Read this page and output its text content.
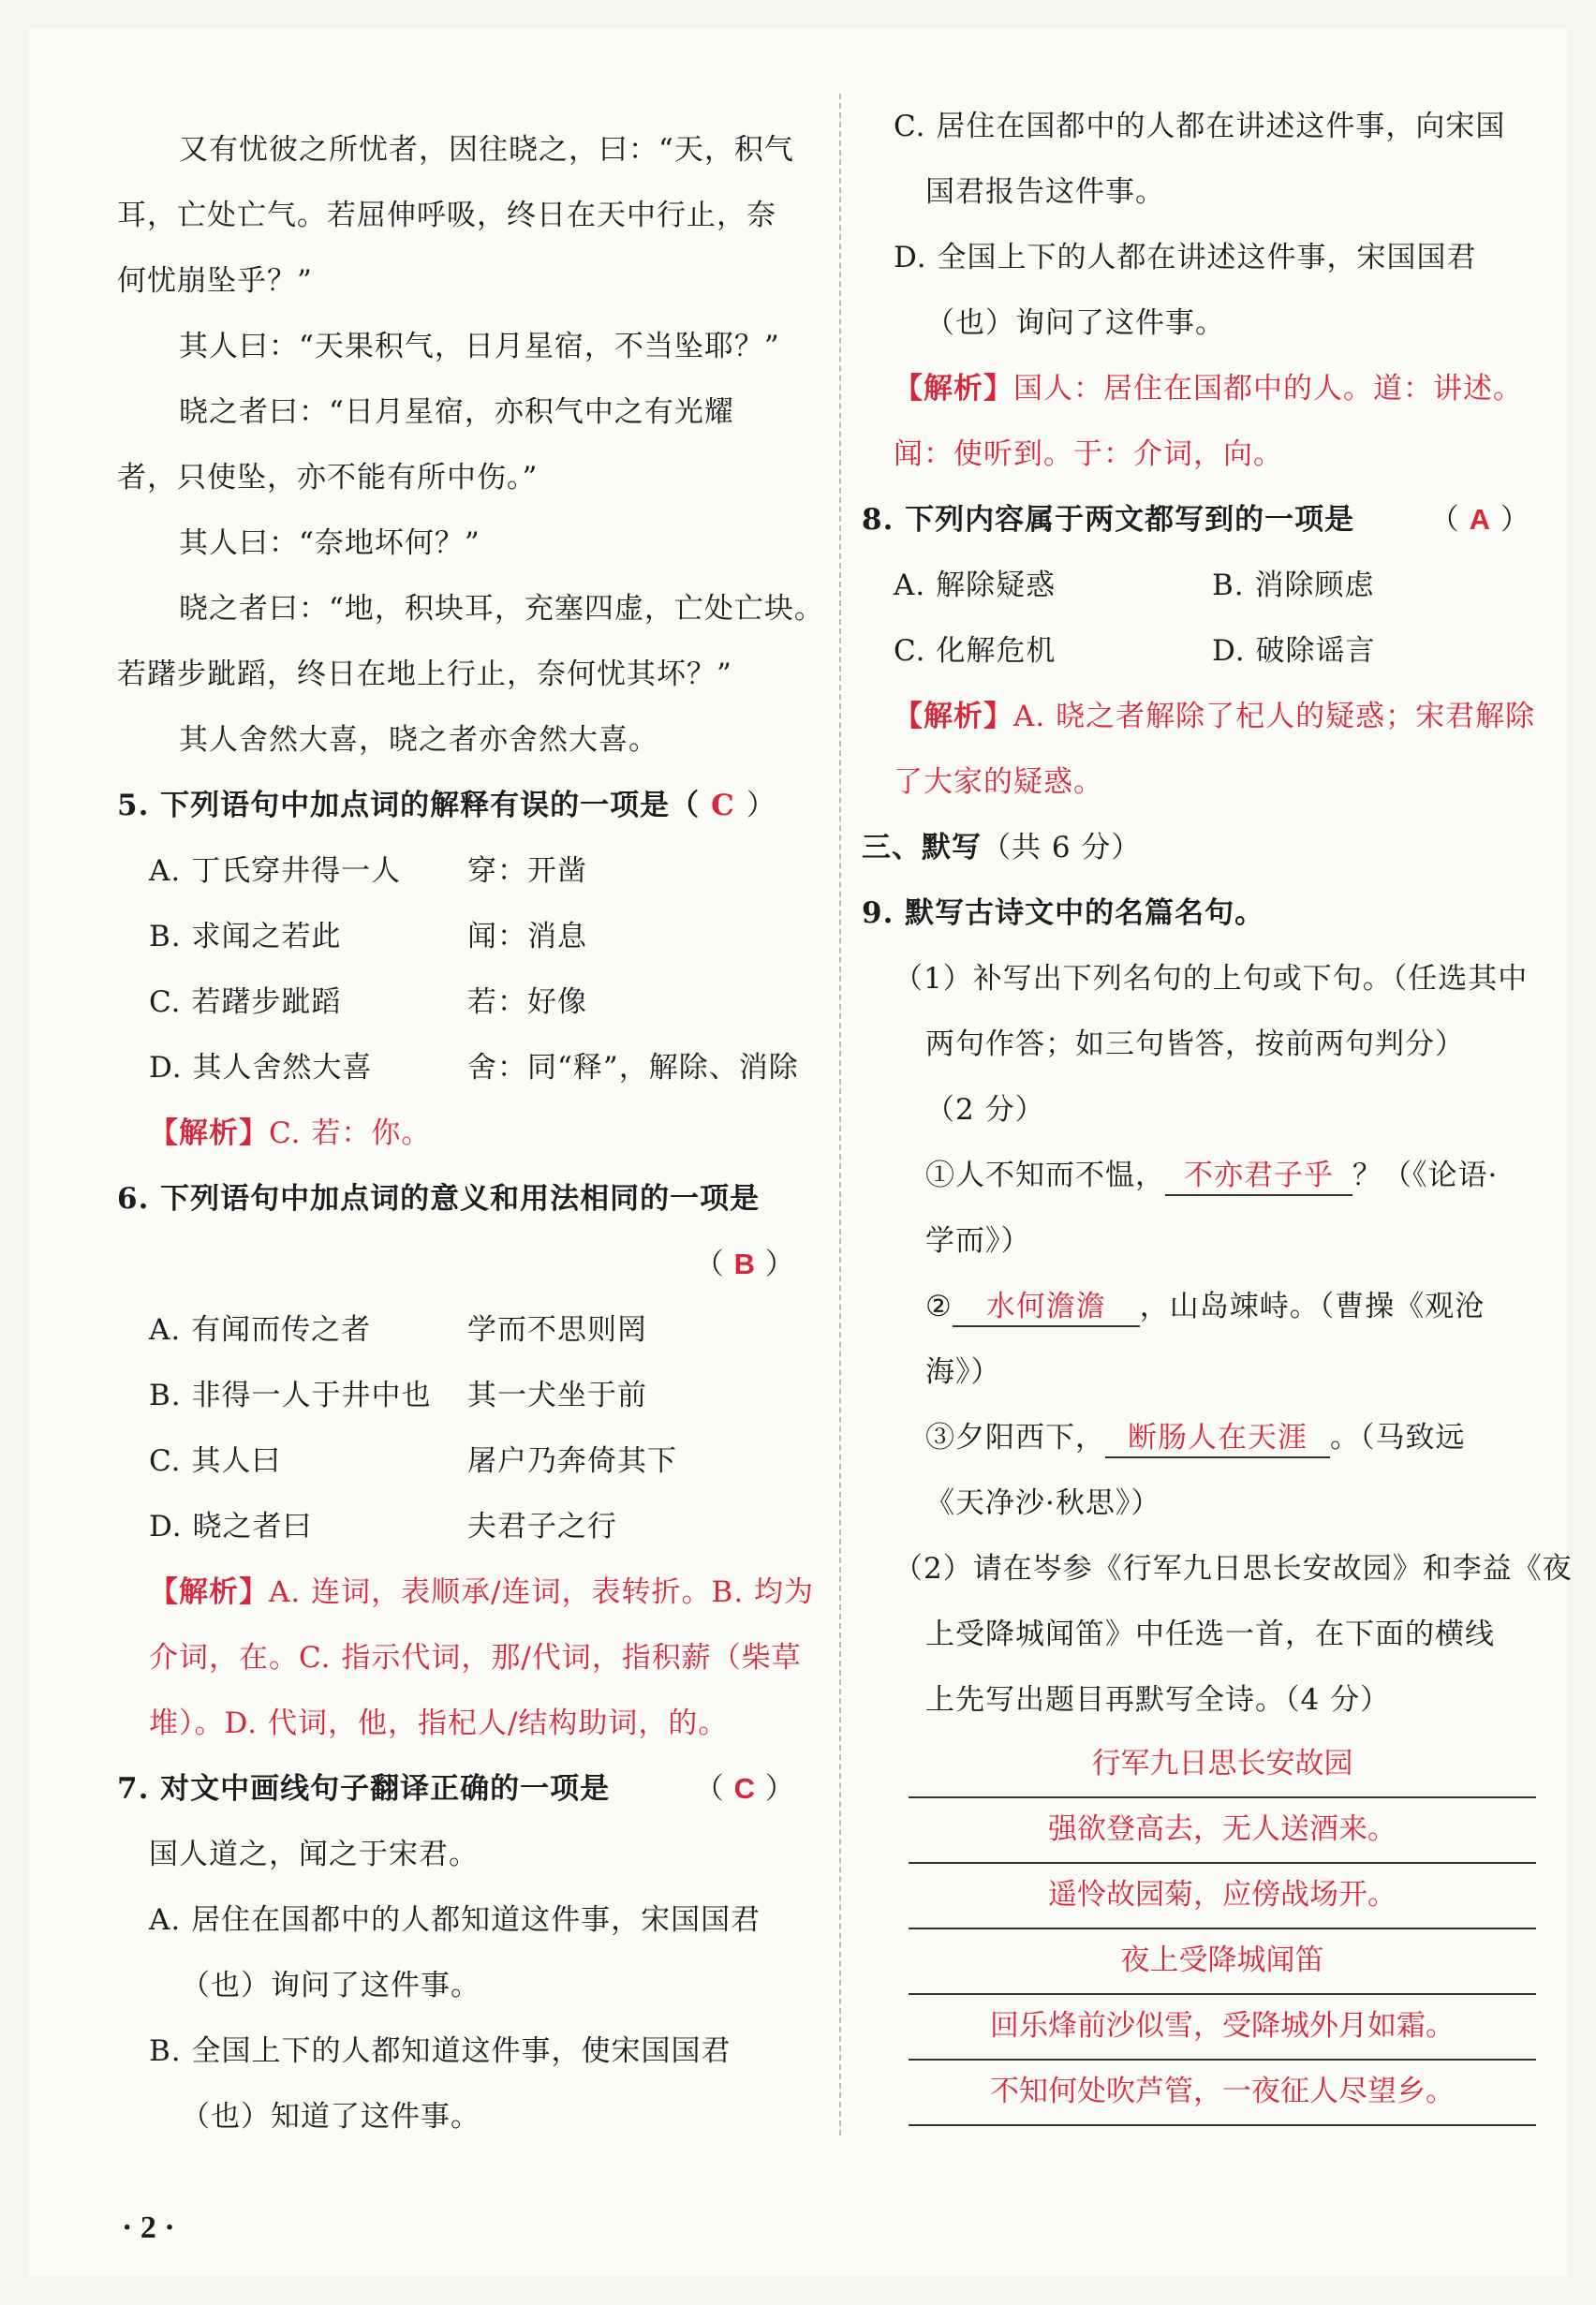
又有忧彼之所忧者，因往晓之，曰：“天，积气
耳，亡处亡气。若屈伸呼吸，终日在天中行止，奈
何忧崩坠乎？”
其人曰：“天果积气，日月星宿，不当坠耶？”
晓之者曰：“日月星宿，亦积气中之有光耀
者，只使坠，亦不能有所中伤。”
其人曰：“奈地坏何？”
晓之者曰：“地，积块耳，充塞四虚，亡处亡块。
若躇步跐蹈，终日在地上行止，奈何忧其坏？”
其人舍然大喜，晓之者亦舍然大喜。
5. 下列语句中加点词的解释有误的一项是（ C ）
A. 丁氏穿井得一人 穿：开凿
B. 求闻之若此	闻：消息
C. 若躇步跐蹈	若：好像
D. 其人舍然大喜	舍：同“释”，解除、消除
【解析】C. 若：你。
6. 下列语句中加点词的意义和用法相同的一项是
（ B ）
A. 有闻而传之者	学而不思则罔
B. 非得一人于井中也 其一犬坐于前
C. 其人曰	屠户乃奔倚其下
D. 晓之者曰	夫君子之行
【解析】A. 连词，表顺承/连词，表转折。B. 均为
介词，在。C. 指示代词，那/代词，指积薪（柴草
堆）。D. 代词，他，指杞人/结构助词，的。
7. 对文中画线句子翻译正确的一项是	（ C ）
国人道之，闻之于宋君。
A. 居住在国都中的人都知道这件事，宋国国君
（也）询问了这件事。
B. 全国上下的人都知道这件事，使宋国国君
（也）知道了这件事。
C. 居住在国都中的人都在讲述这件事，向宋国
国君报告这件事。
D. 全国上下的人都在讲述这件事，宋国国君
（也）询问了这件事。
【解析】国人：居住在国都中的人。道：讲述。
闻：使听到。于：介词，向。
8. 下列内容属于两文都写到的一项是	（ A ）
A. 解除疑惑	B. 消除顾虑
C. 化解危机	D. 破除谣言
【解析】A. 晓之者解除了杞人的疑惑；宋君解除
了大家的疑惑。
三、默写（共 6 分）
9. 默写古诗文中的名篇名句。
（1）补写出下列名句的上句或下句。（任选其中
两句作答；如三句皆答，按前两句判分）
（2 分）
①人不知而不愠， 不亦君子乎 ？（《论语·
学而》）
② 水何澹澹 ，山岛竦峙。（曹操《观沧
海》）
③夕阳西下， 断肠人在天涯 。（马致远
《天净沙·秋思》）
（2）请在岑参《行军九日思长安故园》和李益《夜
上受降城闻笛》中任选一首，在下面的横线
上先写出题目再默写全诗。（4 分）
行军九日思长安故园
强欲登高去，无人送酒来。
遥怜故园菊，应傍战场开。
夜上受降城闻笛
回乐烽前沙似雪，受降城外月如霜。
不知何处吹芦管，一夜征人尽望乡。
· 2 ·
